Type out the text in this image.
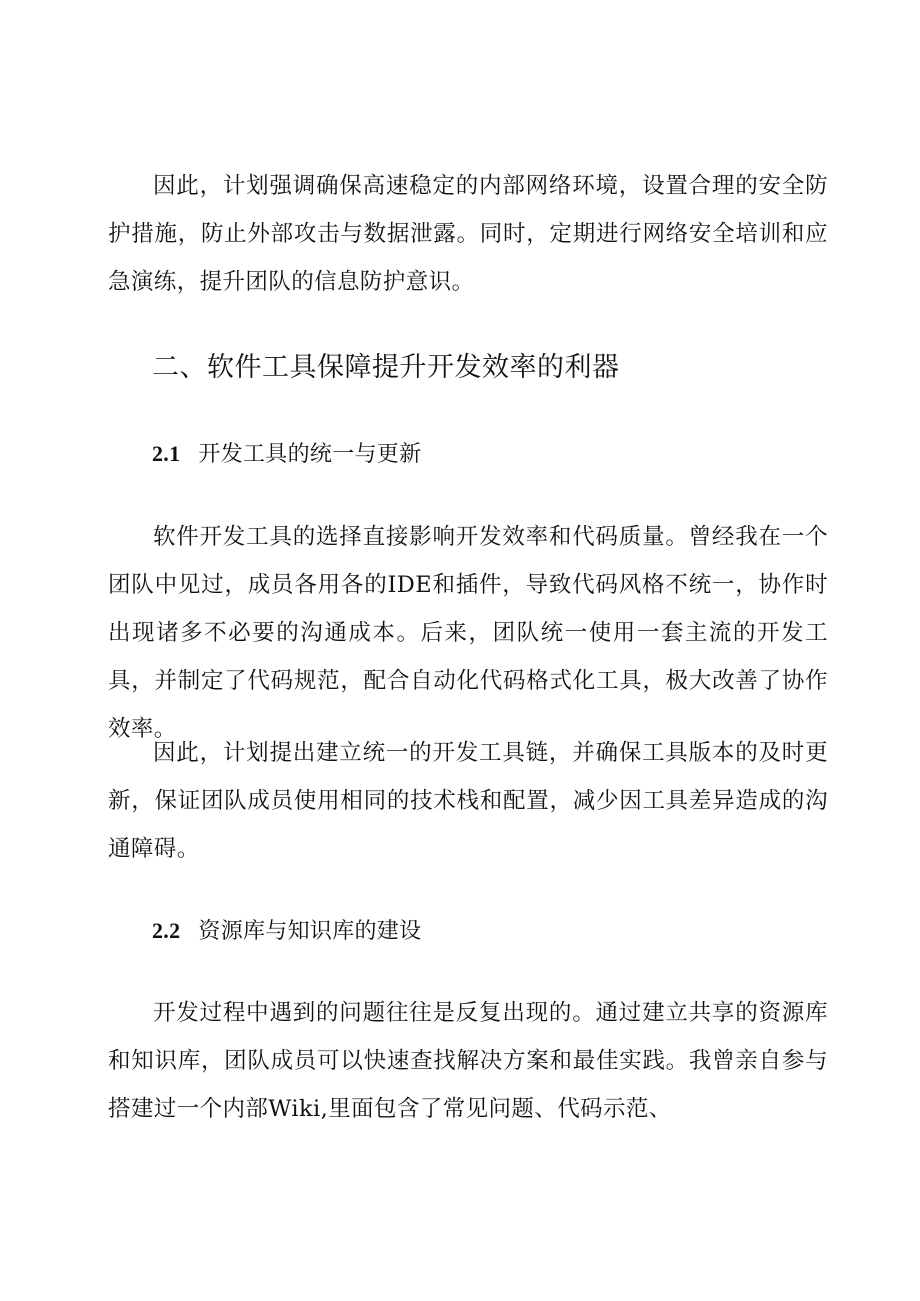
因此，计划强调确保高速稳定的内部网络环境，设置合理的安全防护措施，防止外部攻击与数据泄露。同时，定期进行网络安全培训和应急演练，提升团队的信息防护意识。

二、软件工具保障提升开发效率的利器
2.1 开发工具的统一与更新

软件开发工具的选择直接影响开发效率和代码质量。曾经我在一个团队中见过，成员各用各的IDE和插件，导致代码风格不统一，协作时出现诸多不必要的沟通成本。后来，团队统一使用一套主流的开发工具，并制定了代码规范，配合自动化代码格式化工具，极大改善了协作效率。

因此，计划提出建立统一的开发工具链，并确保工具版本的及时更新，保证团队成员使用相同的技术栈和配置，减少因工具差异造成的沟通障碍。

2.2 资源库与知识库的建设

开发过程中遇到的问题往往是反复出现的。通过建立共享的资源库和知识库，团队成员可以快速查找解决方案和最佳实践。我曾亲自参与搭建过一个内部Wiki,里面包含了常见问题、代码示范、
